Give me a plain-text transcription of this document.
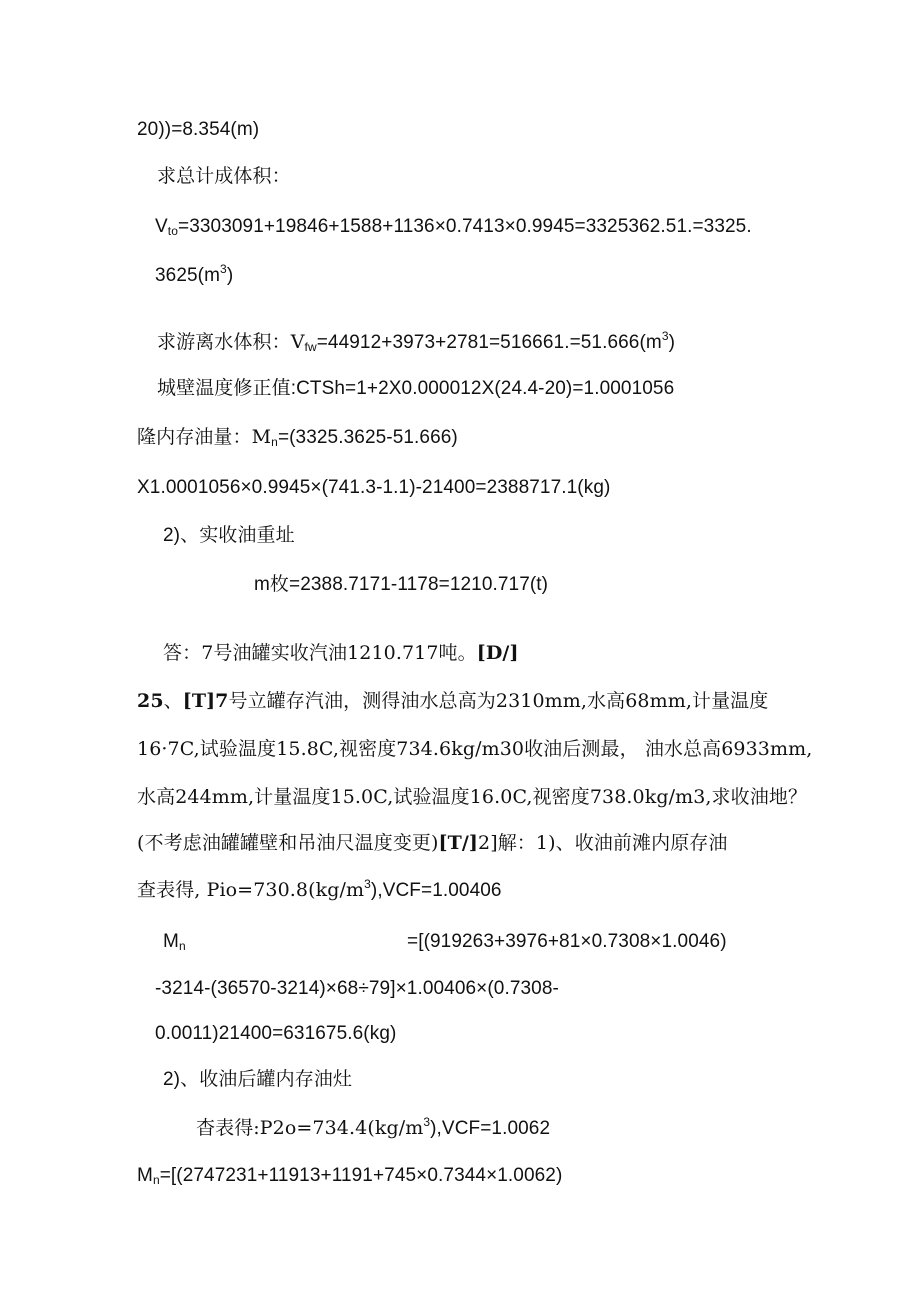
20))=8.354(m)
求总计成体积：
$V_{to}=3303091+19846+1588+1136\times 0.7413\times 0.9945=3325362.51.=3325$.
$3625(m^3)$
求游离水体积：$V_{fw}=44912+3973+2781=516661.=51.666(m^3)$
城壁温度修正值:CTSh=1+2X0.000012X(24.4-20)=1.0001056
隆内存油量：$M_n=(3325.3625-51.666)$
X1.0001056×0.9945×(741.3-1.1)-21400=2388717.1(kg)
2)、实收油重址
m枚=2388.7171-1178=1210.717(t)
答：7号油罐实收汽油1210.717吨。[D/]
25、[T]7号立罐存汽油，测得油水总高为2310mm,水高68mm,计量温度
16·7C,试验温度15.8C,视密度734.6kg∕m30收油后测最， 油水总高6933mm,
水高244mm,计量温度15.0C,试验温度16.0C,视密度738.0kg∕m3,求收油地？
(不考虑油罐罐壁和吊油尺温度变更)[T/]2]解：1)、收油前滩内原存油
查表得, $Pio=730.8(kg∕m^3),VCF=1.00406$
$M_n$	=[(919263+3976+81×0.7308×1.0046)
-3214-(36570-3214)×68÷79]×1.00406×(0.7308-
0.0011)21400=631675.6(kg)
2)、收油后罐内存油灶
杳表得$:P2o=734.4(kg∕m^3),VCF=1.0062$
$M_n=[(2747231+11913+1191+745\times 0.7344\times 1.0062)$
